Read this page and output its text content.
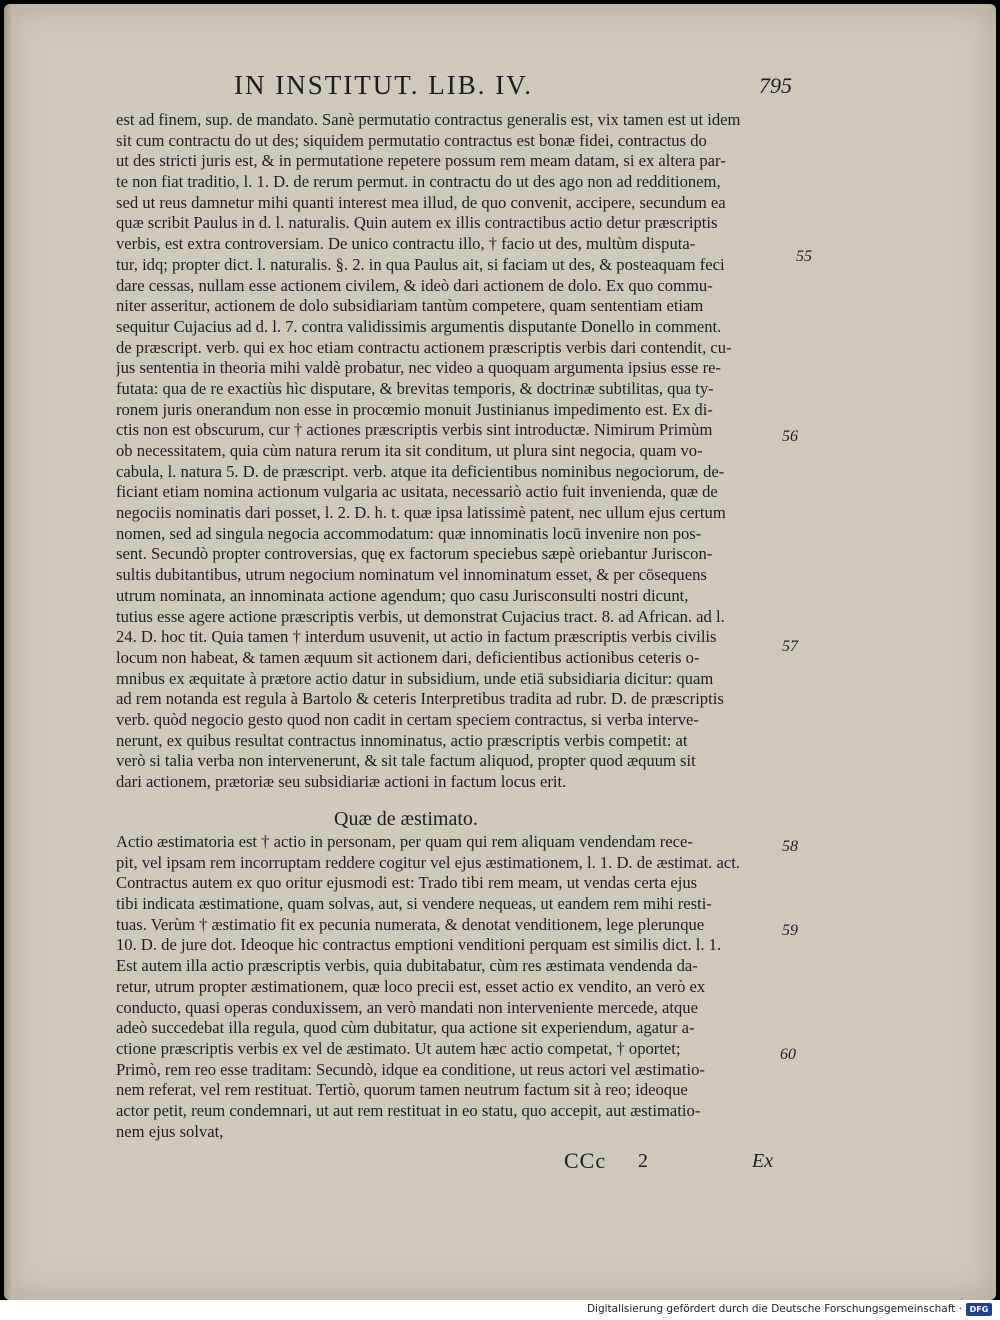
IN INSTITUT. LIB. IV.	795
est ad finem, sup. de mandato. Sanè permutatio contractus generalis est, vix tamen est ut idem
sit cum contractu do ut des; siquidem permutatio contractus est bonæ fidei, contractus do
ut des stricti juris est, & in permutatione repetere possum rem meam datam, si ex altera par-
te non fiat traditio, l. 1. D. de rerum permut. in contractu do ut des ago non ad redditionem,
sed ut reus damnetur mihi quanti interest mea illud, de quo convenit, accipere, secundum ea
quæ scribit Paulus in d. l. naturalis. Quin autem ex illis contractibus actio detur præscriptis
verbis, est extra controversiam. De unico contractu illo, † facio ut des, multùm disputa-
tur, idq; propter dict. l. naturalis. §. 2. in qua Paulus ait, si faciam ut des, & posteaquam feci
dare cessas, nullam esse actionem civilem, & ideò dari actionem de dolo. Ex quo commu-
niter asseritur, actionem de dolo subsidiariam tantùm competere, quam sententiam etiam
sequitur Cujacius ad d. l. 7. contra validissimis argumentis disputante Donello in comment.
de præscript. verb. qui ex hoc etiam contractu actionem præscriptis verbis dari contendit, cu-
jus sententia in theoria mihi valdè probatur, nec video a quoquam argumenta ipsius esse re-
futata: qua de re exactiùs hìc disputare, & brevitas temporis, & doctrinæ subtilitas, qua ty-
ronem juris onerandum non esse in procœmio monuit Justinianus impedimento est. Ex di-
ctis non est obscurum, cur † actiones præscriptis verbis sint introductæ. Nimirum Primùm
ob necessitatem, quia cùm natura rerum ita sit conditum, ut plura sint negocia, quam vo-
cabula, l. natura 5. D. de præscript. verb. atque ita deficientibus nominibus negociorum, de-
ficiant etiam nomina actionum vulgaria ac usitata, necessariò actio fuit invenienda, quæ de
negociis nominatis dari posset, l. 2. D. h. t. quæ ipsa latissimè patent, nec ullum ejus certum
nomen, sed ad singula negocia accommodatum: quæ innominatis locū invenire non pos-
sent. Secundò propter controversias, quę ex factorum speciebus sæpè oriebantur Juriscon-
sultis dubitantibus, utrum negocium nominatum vel innominatum esset, & per cōsequens
utrum nominata, an innominata actione agendum; quo casu Jurisconsulti nostri dicunt,
tutius esse agere actione præscriptis verbis, ut demonstrat Cujacius tract. 8. ad African. ad l.
24. D. hoc tit. Quia tamen † interdum usuvenit, ut actio in factum præscriptis verbis civilis
locum non habeat, & tamen æquum sit actionem dari, deficientibus actionibus ceteris o-
mnibus ex æquitate à prætore actio datur in subsidium, unde etiā subsidiaria dicitur: quam
ad rem notanda est regula à Bartolo & ceteris Interpretibus tradita ad rubr. D. de præscriptis
verb. quòd negocio gesto quod non cadit in certam speciem contractus, si verba interve-
nerunt, ex quibus resultat contractus innominatus, actio præscriptis verbis competit: at
verò si talia verba non intervenerunt, & sit tale factum aliquod, propter quod æquum sit
dari actionem, prætoriæ seu subsidiariæ actioni in factum locus erit.
Quæ de æstimato.
Actio æstimatoria est † actio in personam, per quam qui rem aliquam vendendam rece-
pit, vel ipsam rem incorruptam reddere cogitur vel ejus æstimationem, l. 1. D. de æstimat. act.
Contractus autem ex quo oritur ejusmodi est: Trado tibi rem meam, ut vendas certa ejus
tibi indicata æstimatione, quam solvas, aut, si vendere nequeas, ut eandem rem mihi resti-
tuas. Verùm † æstimatio fit ex pecunia numerata, & denotat venditionem, lege plerunque
10. D. de jure dot. Ideoque hic contractus emptioni venditioni perquam est similis dict. l. 1.
Est autem illa actio præscriptis verbis, quia dubitabatur, cùm res æstimata vendenda da-
retur, utrum propter æstimationem, quæ loco precii est, esset actio ex vendito, an verò ex
conducto, quasi operas conduxissem, an verò mandati non interveniente mercede, atque
adeò succedebat illa regula, quod cùm dubitatur, qua actione sit experiendum, agatur a-
ctione præscriptis verbis ex vel de æstimato. Ut autem hæc actio competat, † oportet;
Primò, rem reo esse traditam: Secundò, idque ea conditione, ut reus actori vel æstimatio-
nem referat, vel rem restituat. Tertiò, quorum tamen neutrum factum sit à reo; ideoque
actor petit, reum condemnari, ut aut rem restituat in eo statu, quo accepit, aut æstimatio-
nem ejus solvat,
55
56
57
58
59
60
CCc 2	Ex
Digitalisierung gefördert durch die Deutsche Forschungsgemeinschaft · DFG
